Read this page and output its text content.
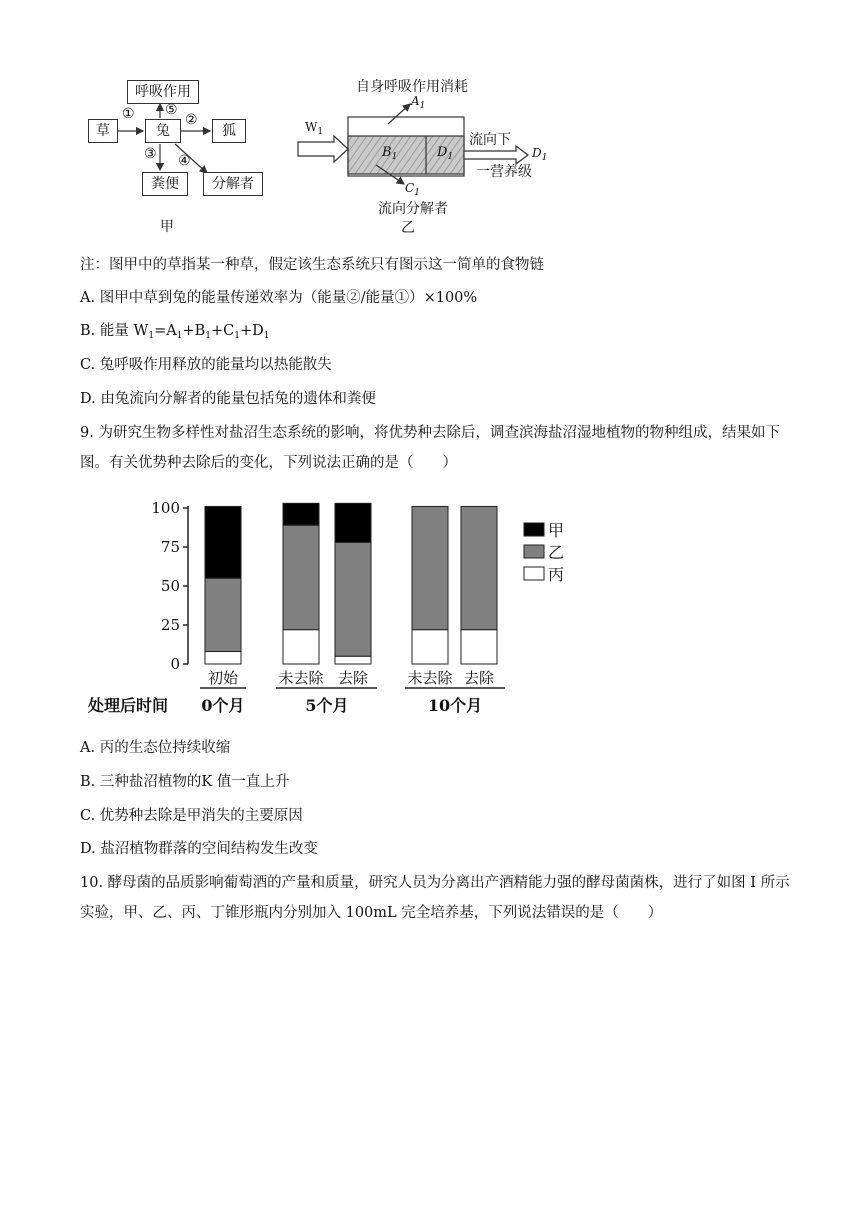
草	兔	狐
呼吸作用
粪便	分解者
① ⑤
②
③ ④
甲
自身呼吸作用消耗
$A_1$
$W_1$
$B_1$	$D_1$
流向下
一营养级
$D_1$
$C_1$
流向分解者
乙
注：图甲中的草指某一种草，假定该生态系统只有图示这一简单的食物链
A. 图甲中草到兔的能量传递效率为（能量②/能量①）×100%
B. 能量 $W_1=A_1+B_1+C_1+D_1$
C. 兔呼吸作用释放的能量均以热能散失
D. 由兔流向分解者的能量包括兔的遗体和粪便
9. 为研究生物多样性对盐沼生态系统的影响，将优势种去除后，调查滨海盐沼湿地植物的物种组成，结果如下图。有关优势种去除后的变化，下列说法正确的是（　　）
0
25
50
75
100
初始	未去除 去除	未去除 去除
0个月	5个月	10个月
处理后时间
甲
乙
丙
A. 丙的生态位持续收缩
B. 三种盐沼植物的K 值一直上升
C. 优势种去除是甲消失的主要原因
D. 盐沼植物群落的空间结构发生改变
10. 酵母菌的品质影响葡萄酒的产量和质量，研究人员为分离出产酒精能力强的酵母菌菌株，进行了如图 I 所示实验，甲、乙、丙、丁锥形瓶内分别加入 100mL 完全培养基，下列说法错误的是（　　）
